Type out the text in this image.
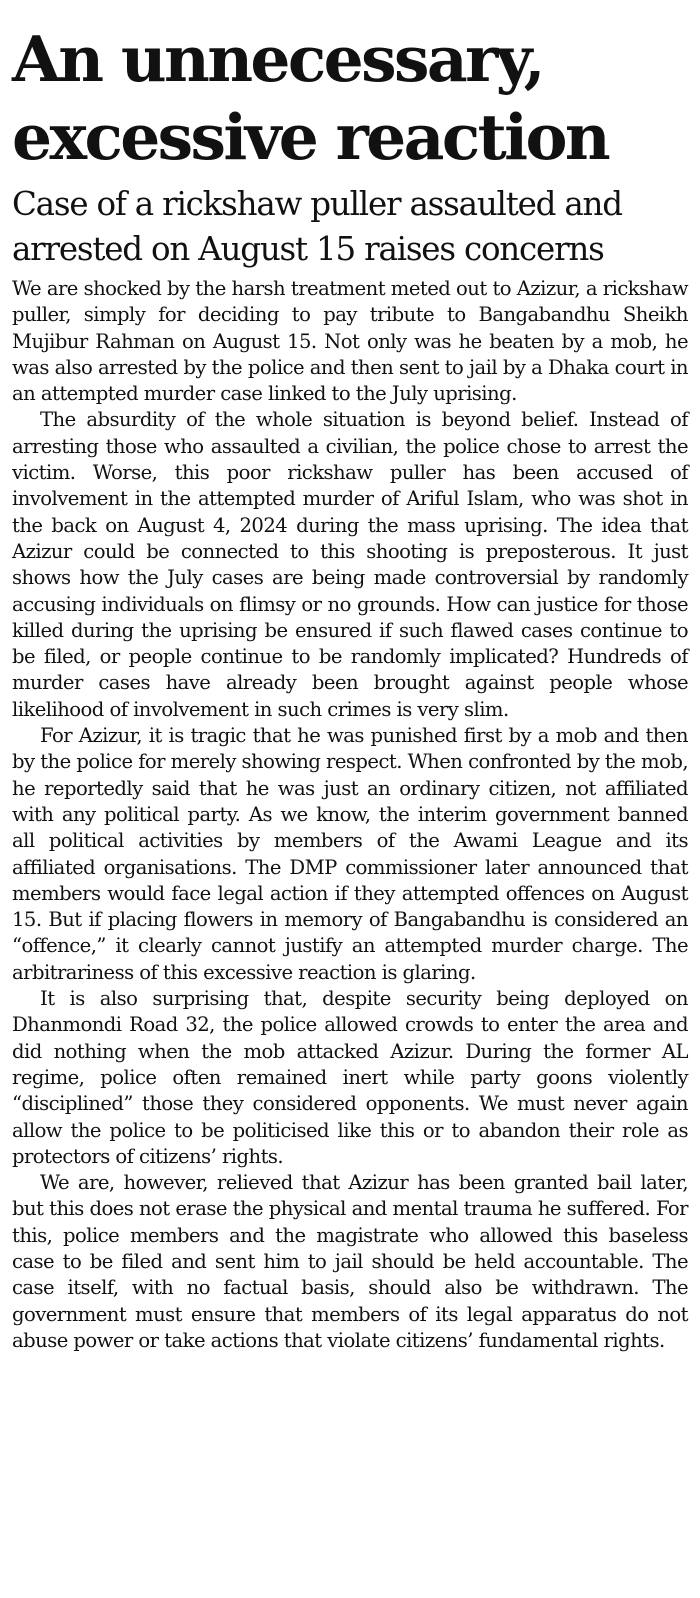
An unnecessary,
excessive reaction
Case of a rickshaw puller assaulted and
arrested on August 15 raises concerns

We are shocked by the harsh treatment meted out to Azizur, a rickshaw puller, simply for deciding to pay tribute to Bangabandhu Sheikh Mujibur Rahman on August 15. Not only was he beaten by a mob, he was also arrested by the police and then sent to jail by a Dhaka court in an attempted murder case linked to the July uprising.

The absurdity of the whole situation is beyond belief. Instead of arresting those who assaulted a civilian, the police chose to arrest the victim. Worse, this poor rickshaw puller has been accused of involvement in the attempted murder of Ariful Islam, who was shot in the back on August 4, 2024 during the mass uprising. The idea that Azizur could be connected to this shooting is preposterous. It just shows how the July cases are being made controversial by randomly accusing individuals on flimsy or no grounds. How can justice for those killed during the uprising be ensured if such flawed cases continue to be filed, or people continue to be randomly implicated? Hundreds of murder cases have already been brought against people whose likelihood of involvement in such crimes is very slim.

For Azizur, it is tragic that he was punished first by a mob and then by the police for merely showing respect. When confronted by the mob, he reportedly said that he was just an ordinary citizen, not affiliated with any political party. As we know, the interim government banned all political activities by members of the Awami League and its affiliated organisations. The DMP commissioner later announced that members would face legal action if they attempted offences on August 15. But if placing flowers in memory of Bangabandhu is considered an “offence,” it clearly cannot justify an attempted murder charge. The arbitrariness of this excessive reaction is glaring.

It is also surprising that, despite security being deployed on Dhanmondi Road 32, the police allowed crowds to enter the area and did nothing when the mob attacked Azizur. During the former AL regime, police often remained inert while party goons violently “disciplined” those they considered opponents. We must never again allow the police to be politicised like this or to abandon their role as protectors of citizens’ rights.

We are, however, relieved that Azizur has been granted bail later, but this does not erase the physical and mental trauma he suffered. For this, police members and the magistrate who allowed this baseless case to be filed and sent him to jail should be held accountable. The case itself, with no factual basis, should also be withdrawn. The government must ensure that members of its legal apparatus do not abuse power or take actions that violate citizens’ fundamental rights.
